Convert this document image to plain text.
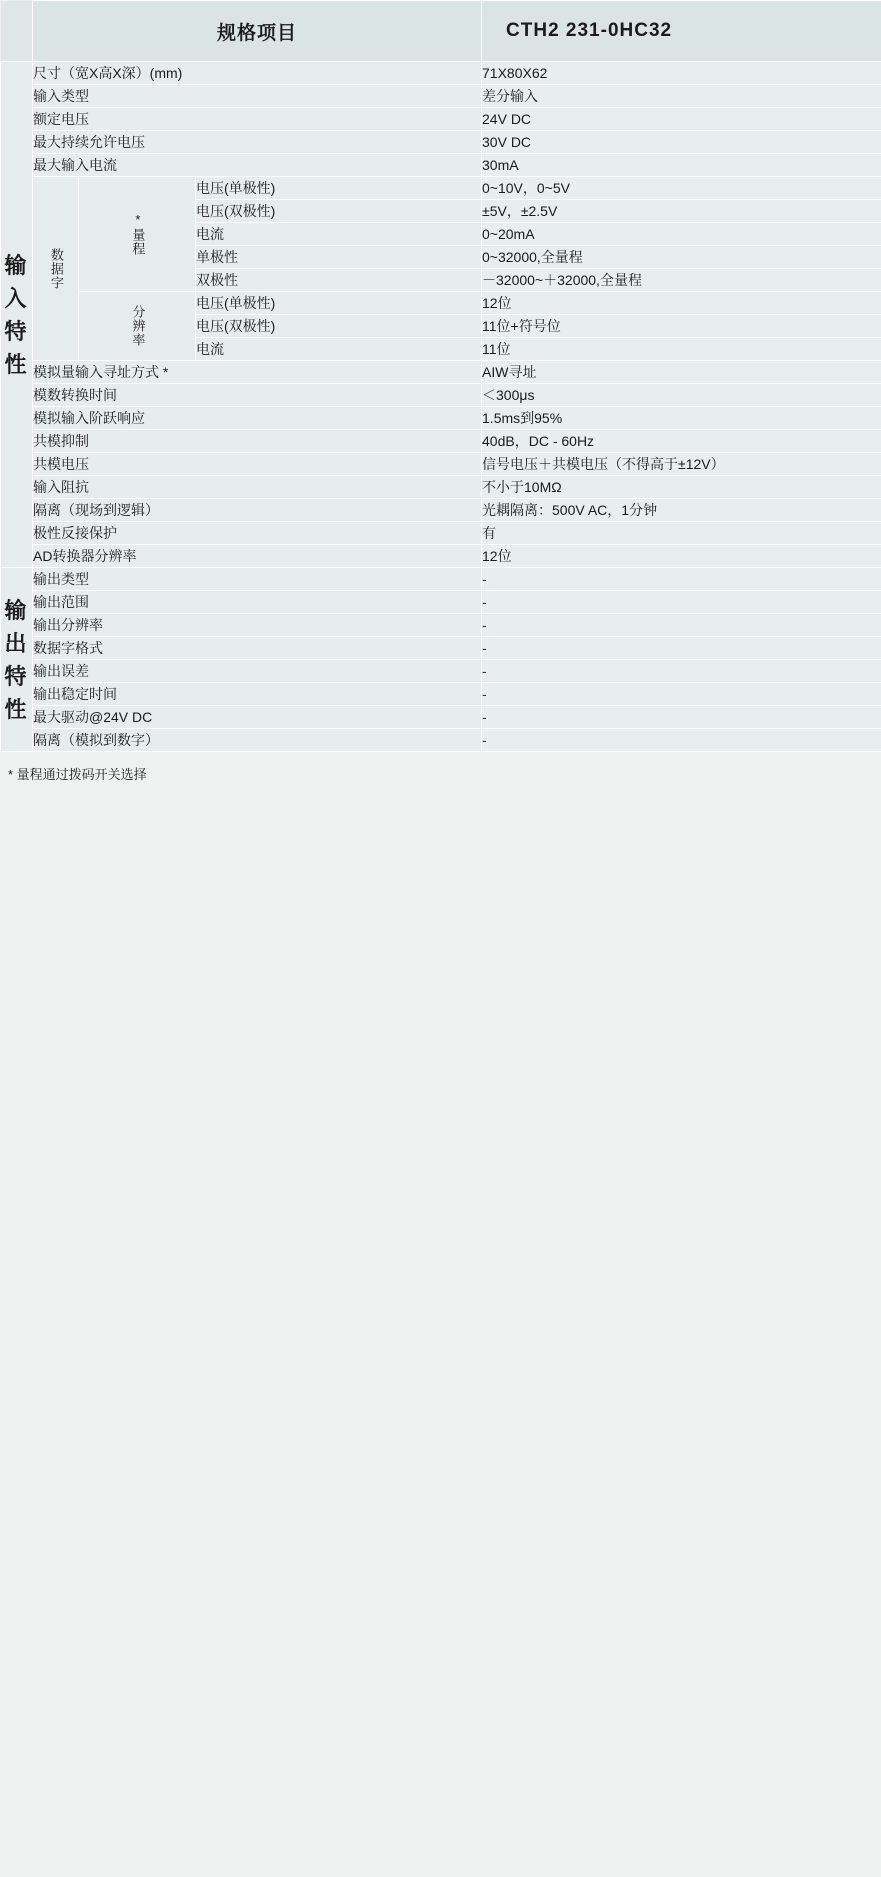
	规格项目			CTH2 231-0HC32

输
入
特
性	尺寸（宽X高X深）(mm)			71X80X62
	输入类型			差分输入
	额定电压			24V DC
	最大持续允许电压			30V DC
	最大输入电流			30mA

	数据字	*量程	电压(单极性)	0~10V，0~5V
			电压(双极性)	±5V，±2.5V
			电流	0~20mA
			单极性	0~32000,全量程
			双极性	－32000~＋32000,全量程

		分辨率	电压(单极性)	12位
			电压(双极性)	11位+符号位
			电流	11位
	模拟量输入寻址方式 *			AIW寻址
	模数转换时间			＜300μs
	模拟输入阶跃响应			1.5ms到95%
	共模抑制			40dB，DC - 60Hz
	共模电压			信号电压＋共模电压（不得高于±12V）
	输入阻抗			不小于10MΩ
	隔离（现场到逻辑）			光耦隔离：500V AC，1分钟
	极性反接保护			有
	AD转换器分辨率			12位

输
出
特
性	输出类型			-
	输出范围			-
	输出分辨率			-
	数据字格式			-
	输出误差			-
	输出稳定时间			-
	最大驱动@24V DC			-
	隔离（模拟到数字）			-
* 量程通过拨码开关选择
